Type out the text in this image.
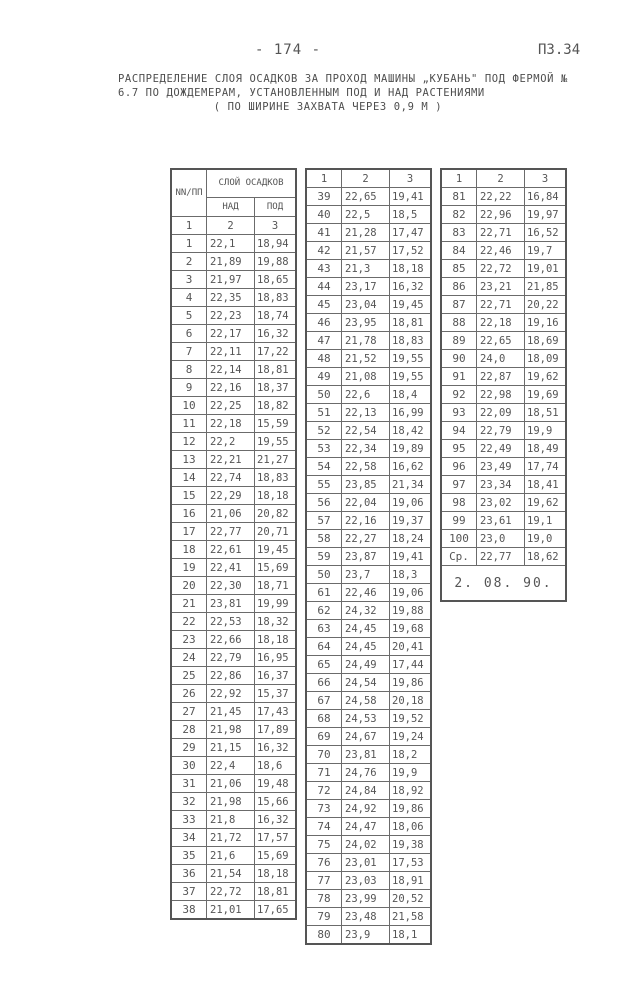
- 174 -	П3.34
РАСПРЕДЕЛЕНИЕ СЛОЯ ОСАДКОВ ЗА ПРОХОД МАШИНЫ „КУБАНЬ" ПОД ФЕРМОЙ № 6.7 ПО ДОЖДЕМЕРАМ, УСТАНОВЛЕННЫМ ПОД И НАД РАСТЕНИЯМИ
( ПО ШИРИНЕ ЗАХВАТА ЧЕРЕЗ 0,9 М )
NN/ПП	СЛОЙ ОСАДКОВ	
	НАД	ПОД
1	2	3
1	22,1	18,94
2	21,89	19,88
3	21,97	18,65
4	22,35	18,83
5	22,23	18,74
6	22,17	16,32
7	22,11	17,22
8	22,14	18,81
9	22,16	18,37
10	22,25	18,82
11	22,18	15,59
12	22,2	19,55
13	22,21	21,27
14	22,74	18,83
15	22,29	18,18
16	21,06	20,82
17	22,77	20,71
18	22,61	19,45
19	22,41	15,69
20	22,30	18,71
21	23,81	19,99
22	22,53	18,32
23	22,66	18,18
24	22,79	16,95
25	22,86	16,37
26	22,92	15,37
27	21,45	17,43
28	21,98	17,89
29	21,15	16,32
30	22,4	18,6
31	21,06	19,48
32	21,98	15,66
33	21,8	16,32
34	21,72	17,57
35	21,6	15,69
36	21,54	18,18
37	22,72	18,81
38	21,01	17,65
1	2	3
39	22,65	19,41
40	22,5	18,5
41	21,28	17,47
42	21,57	17,52
43	21,3	18,18
44	23,17	16,32
45	23,04	19,45
46	23,95	18,81
47	21,78	18,83
48	21,52	19,55
49	21,08	19,55
50	22,6	18,4
51	22,13	16,99
52	22,54	18,42
53	22,34	19,89
54	22,58	16,62
55	23,85	21,34
56	22,04	19,06
57	22,16	19,37
58	22,27	18,24
59	23,87	19,41
50	23,7	18,3
61	22,46	19,06
62	24,32	19,88
63	24,45	19,68
64	24,45	20,41
65	24,49	17,44
66	24,54	19,86
67	24,58	20,18
68	24,53	19,52
69	24,67	19,24
70	23,81	18,2
71	24,76	19,9
72	24,84	18,92
73	24,92	19,86
74	24,47	18,06
75	24,02	19,38
76	23,01	17,53
77	23,03	18,91
78	23,99	20,52
79	23,48	21,58
80	23,9	18,1
1	2	3
81	22,22	16,84
82	22,96	19,97
83	22,71	16,52
84	22,46	19,7
85	22,72	19,01
86	23,21	21,85
87	22,71	20,22
88	22,18	19,16
89	22,65	18,69
90	24,0	18,09
91	22,87	19,62
92	22,98	19,69
93	22,09	18,51
94	22,79	19,9
95	22,49	18,49
96	23,49	17,74
97	23,34	18,41
98	23,02	19,62
99	23,61	19,1
100	23,0	19,0
Ср.	22,77	18,62
2. 08. 90.		
